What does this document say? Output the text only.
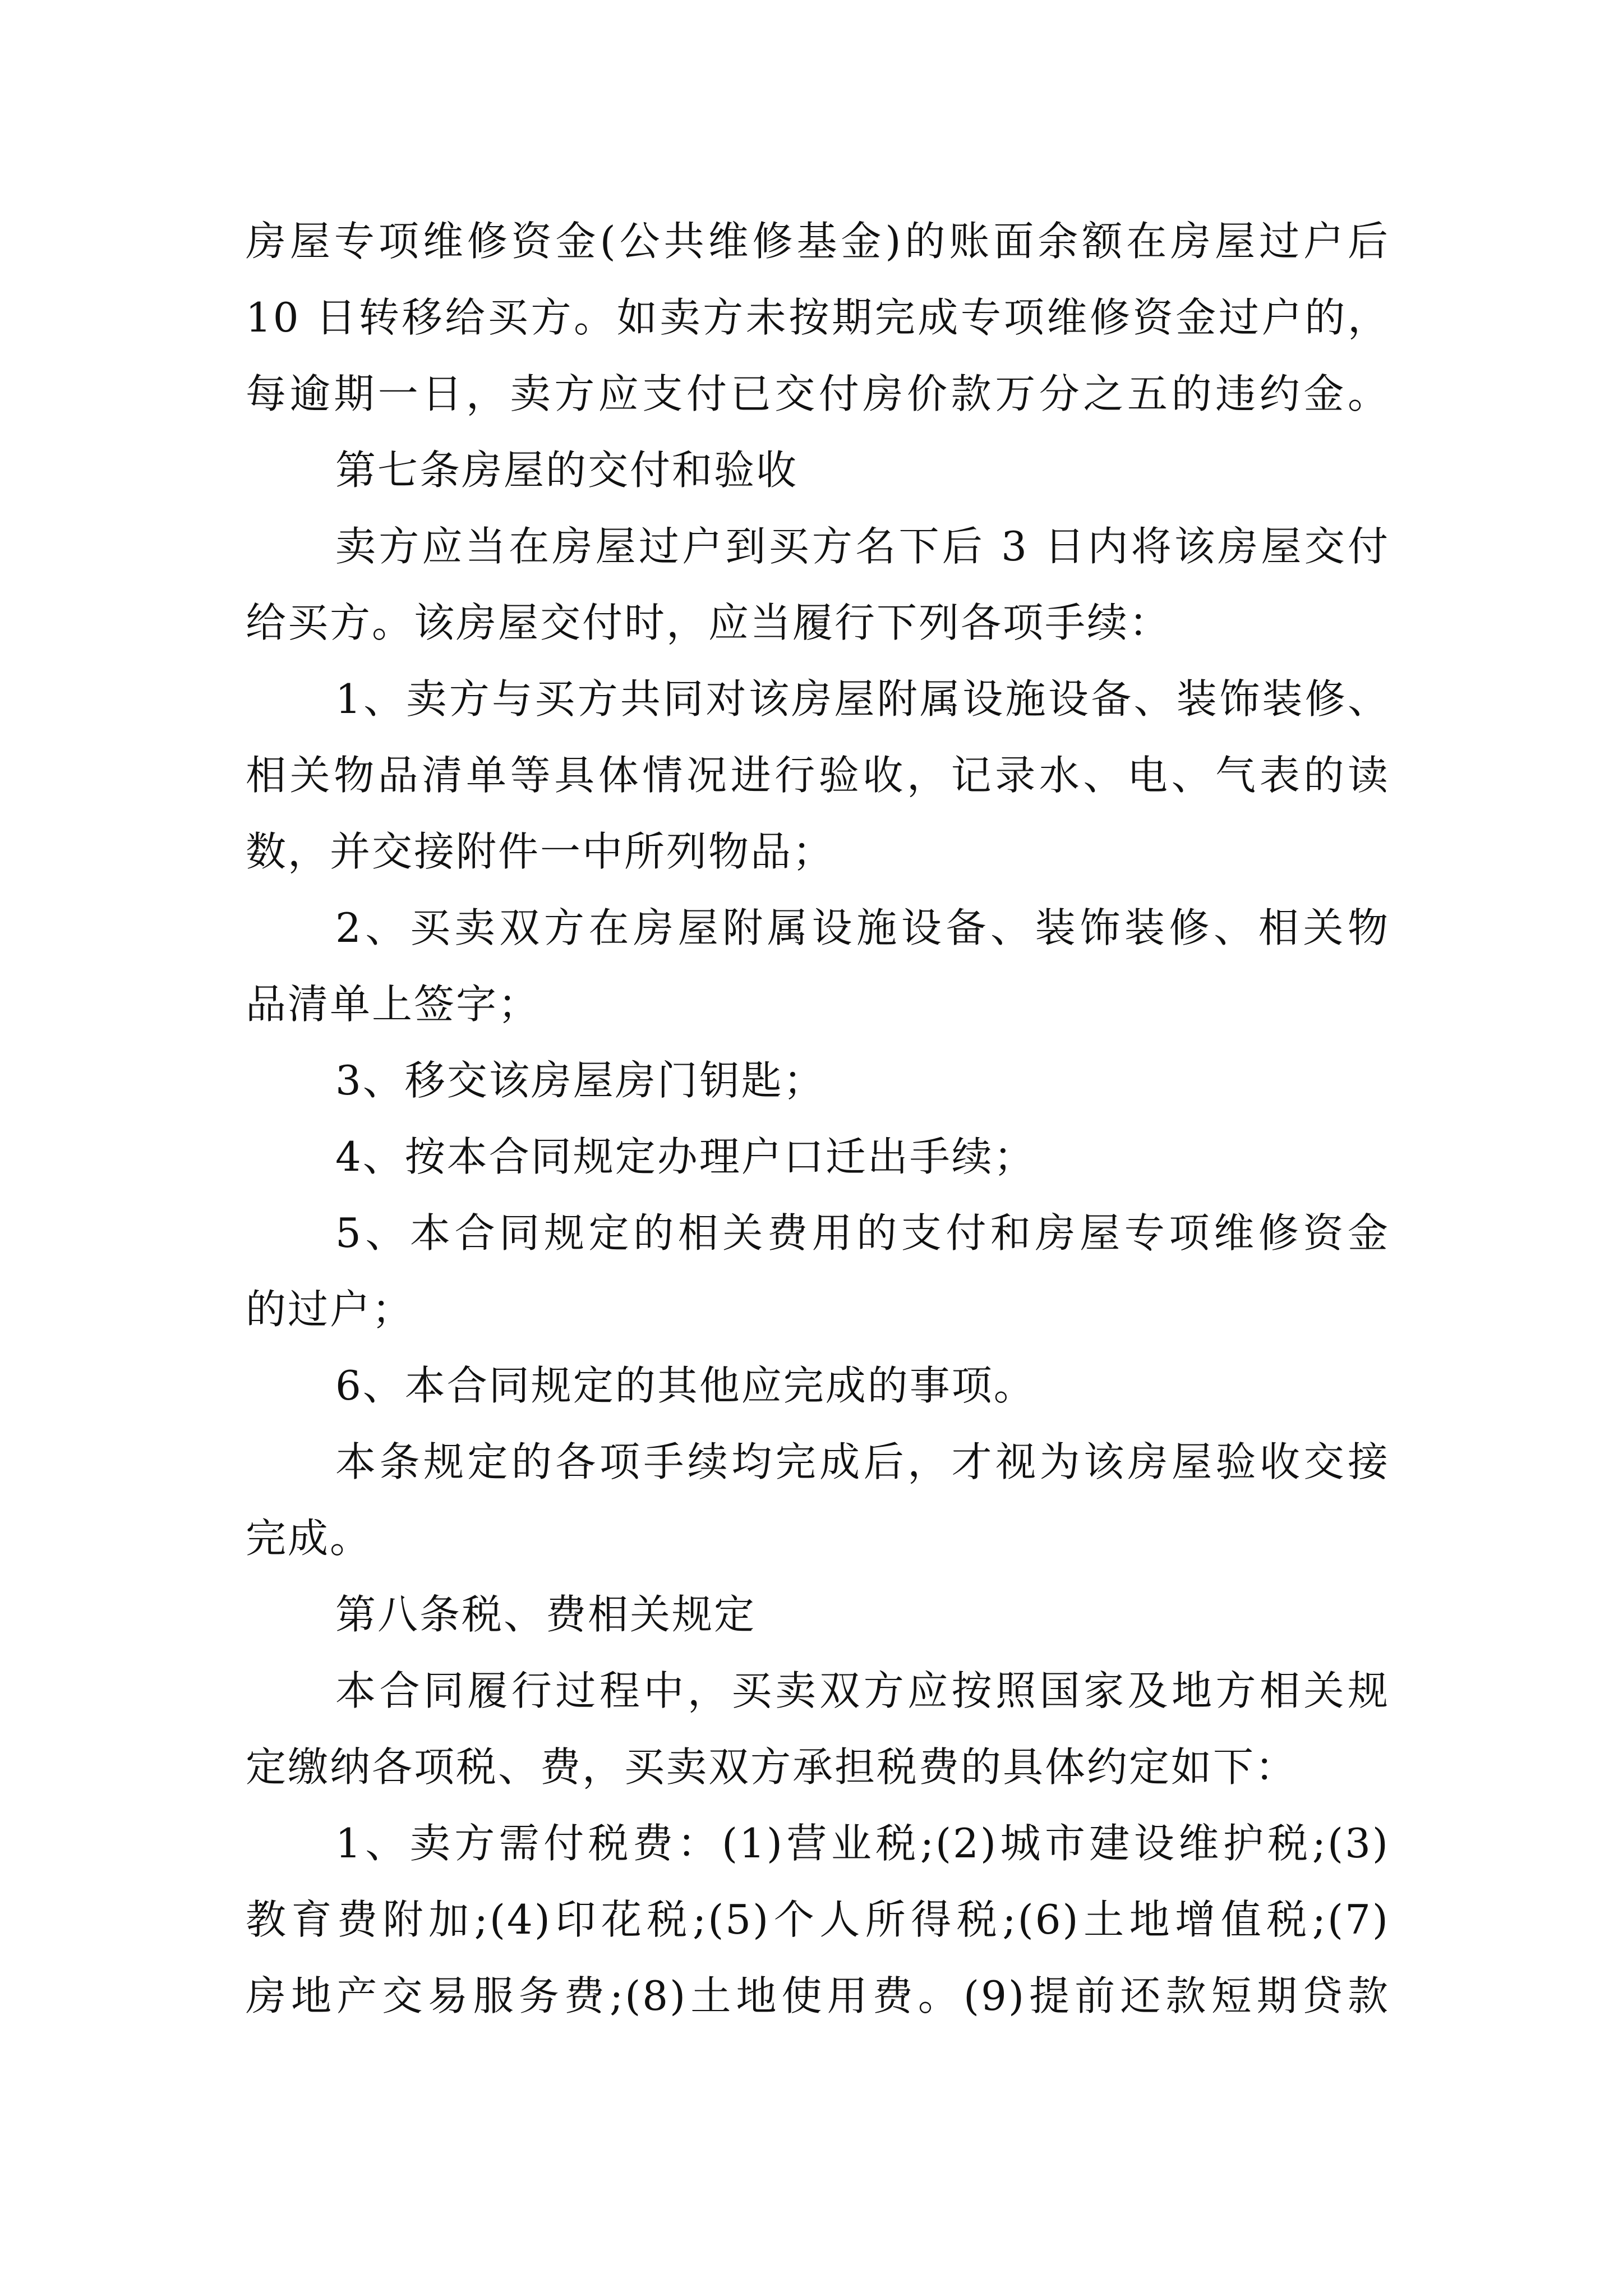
房屋专项维修资金(公共维修基金)的账面余额在房屋过户后
10 日转移给买方。如卖方未按期完成专项维修资金过户的，
每逾期一日，卖方应支付已交付房价款万分之五的违约金。
第七条房屋的交付和验收
卖方应当在房屋过户到买方名下后 3 日内将该房屋交付
给买方。该房屋交付时，应当履行下列各项手续：
1、卖方与买方共同对该房屋附属设施设备、装饰装修、
相关物品清单等具体情况进行验收，记录水、电、气表的读
数，并交接附件一中所列物品；
2、买卖双方在房屋附属设施设备、装饰装修、相关物
品清单上签字；
3、移交该房屋房门钥匙；
4、按本合同规定办理户口迁出手续；
5、本合同规定的相关费用的支付和房屋专项维修资金
的过户；
6、本合同规定的其他应完成的事项。
本条规定的各项手续均完成后，才视为该房屋验收交接
完成。
第八条税、费相关规定
本合同履行过程中，买卖双方应按照国家及地方相关规
定缴纳各项税、费，买卖双方承担税费的具体约定如下：
1、卖方需付税费：(1)营业税;(2)城市建设维护税;(3)
教育费附加;(4)印花税;(5)个人所得税;(6)土地增值税;(7)
房地产交易服务费;(8)土地使用费。(9)提前还款短期贷款
